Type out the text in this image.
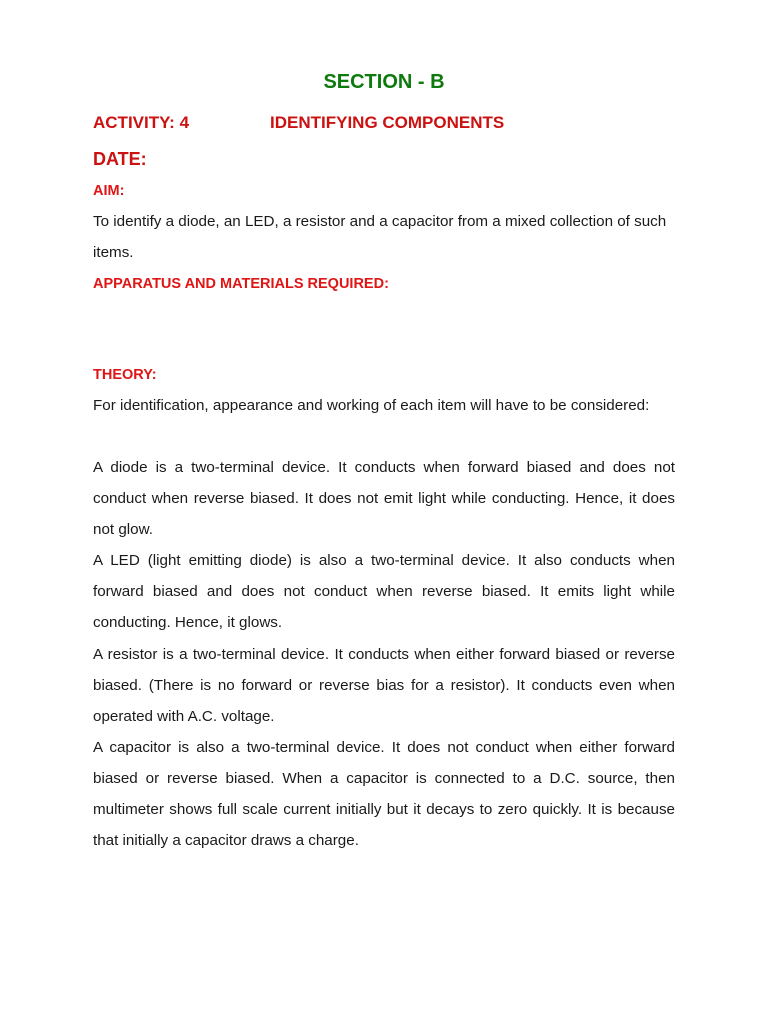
SECTION - B
ACTIVITY: 4	IDENTIFYING COMPONENTS

DATE:

AIM:

To identify a diode, an LED, a resistor and a capacitor from a mixed collection of such items.

APPARATUS AND MATERIALS REQUIRED:

THEORY:

For identification, appearance and working of each item will have to be considered:

A diode is a two-terminal device. It conducts when forward biased and does not conduct when reverse biased. It does not emit light while conducting. Hence, it does not glow.

A LED (light emitting diode) is also a two-terminal device. It also conducts when forward biased and does not conduct when reverse biased. It emits light while conducting. Hence, it glows.

A resistor is a two-terminal device. It conducts when either forward biased or reverse biased. (There is no forward or reverse bias for a resistor). It conducts even when operated with A.C. voltage.

A capacitor is also a two-terminal device. It does not conduct when either forward biased or reverse biased. When a capacitor is connected to a D.C. source, then multimeter shows full scale current initially but it decays to zero quickly. It is because that initially a capacitor draws a charge.
